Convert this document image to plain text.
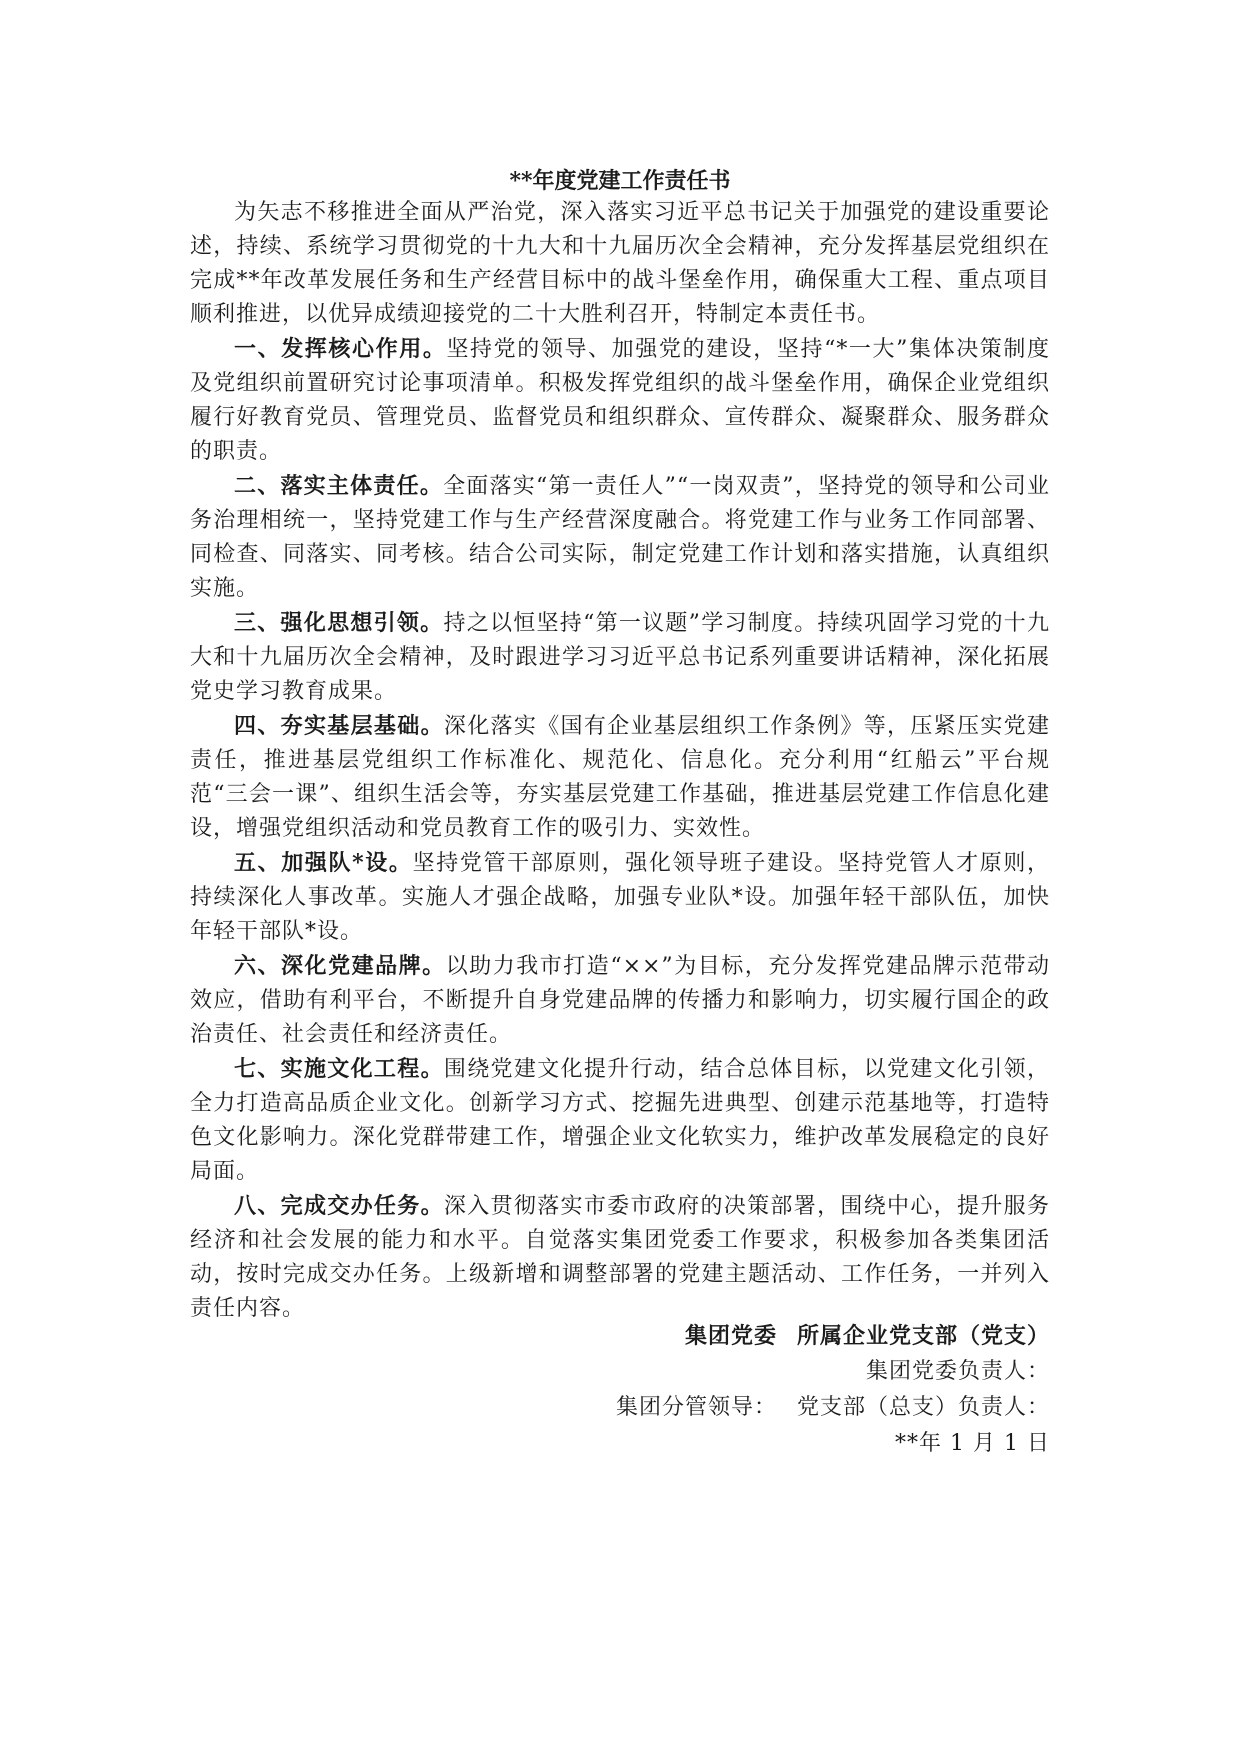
**年度党建工作责任书

为矢志不移推进全面从严治党，深入落实习近平总书记关于加强党的建设重要论述，持续、系统学习贯彻党的十九大和十九届历次全会精神，充分发挥基层党组织在完成**年改革发展任务和生产经营目标中的战斗堡垒作用，确保重大工程、重点项目顺利推进，以优异成绩迎接党的二十大胜利召开，特制定本责任书。

一、发挥核心作用。坚持党的领导、加强党的建设，坚持“*一大”集体决策制度及党组织前置研究讨论事项清单。积极发挥党组织的战斗堡垒作用，确保企业党组织履行好教育党员、管理党员、监督党员和组织群众、宣传群众、凝聚群众、服务群众的职责。

二、落实主体责任。全面落实“第一责任人”“一岗双责”，坚持党的领导和公司业务治理相统一，坚持党建工作与生产经营深度融合。将党建工作与业务工作同部署、同检查、同落实、同考核。结合公司实际，制定党建工作计划和落实措施，认真组织实施。

三、强化思想引领。持之以恒坚持“第一议题”学习制度。持续巩固学习党的十九大和十九届历次全会精神，及时跟进学习习近平总书记系列重要讲话精神，深化拓展党史学习教育成果。

四、夯实基层基础。深化落实《国有企业基层组织工作条例》等，压紧压实党建责任，推进基层党组织工作标准化、规范化、信息化。充分利用“红船云”平台规范“三会一课”、组织生活会等，夯实基层党建工作基础，推进基层党建工作信息化建设，增强党组织活动和党员教育工作的吸引力、实效性。

五、加强队*设。坚持党管干部原则，强化领导班子建设。坚持党管人才原则，持续深化人事改革。实施人才强企战略，加强专业队*设。加强年轻干部队伍，加快年轻干部队*设。

六、深化党建品牌。以助力我市打造“××”为目标，充分发挥党建品牌示范带动效应，借助有利平台，不断提升自身党建品牌的传播力和影响力，切实履行国企的政治责任、社会责任和经济责任。

七、实施文化工程。围绕党建文化提升行动，结合总体目标，以党建文化引领，全力打造高品质企业文化。创新学习方式、挖掘先进典型、创建示范基地等，打造特色文化影响力。深化党群带建工作，增强企业文化软实力，维护改革发展稳定的良好局面。

八、完成交办任务。深入贯彻落实市委市政府的决策部署，围绕中心，提升服务经济和社会发展的能力和水平。自觉落实集团党委工作要求，积极参加各类集团活动，按时完成交办任务。上级新增和调整部署的党建主题活动、工作任务，一并列入责任内容。

集团党委 所属企业党支部（党支）
集团党委负责人：
集团分管领导： 党支部（总支）负责人：
**年 1 月 1 日
